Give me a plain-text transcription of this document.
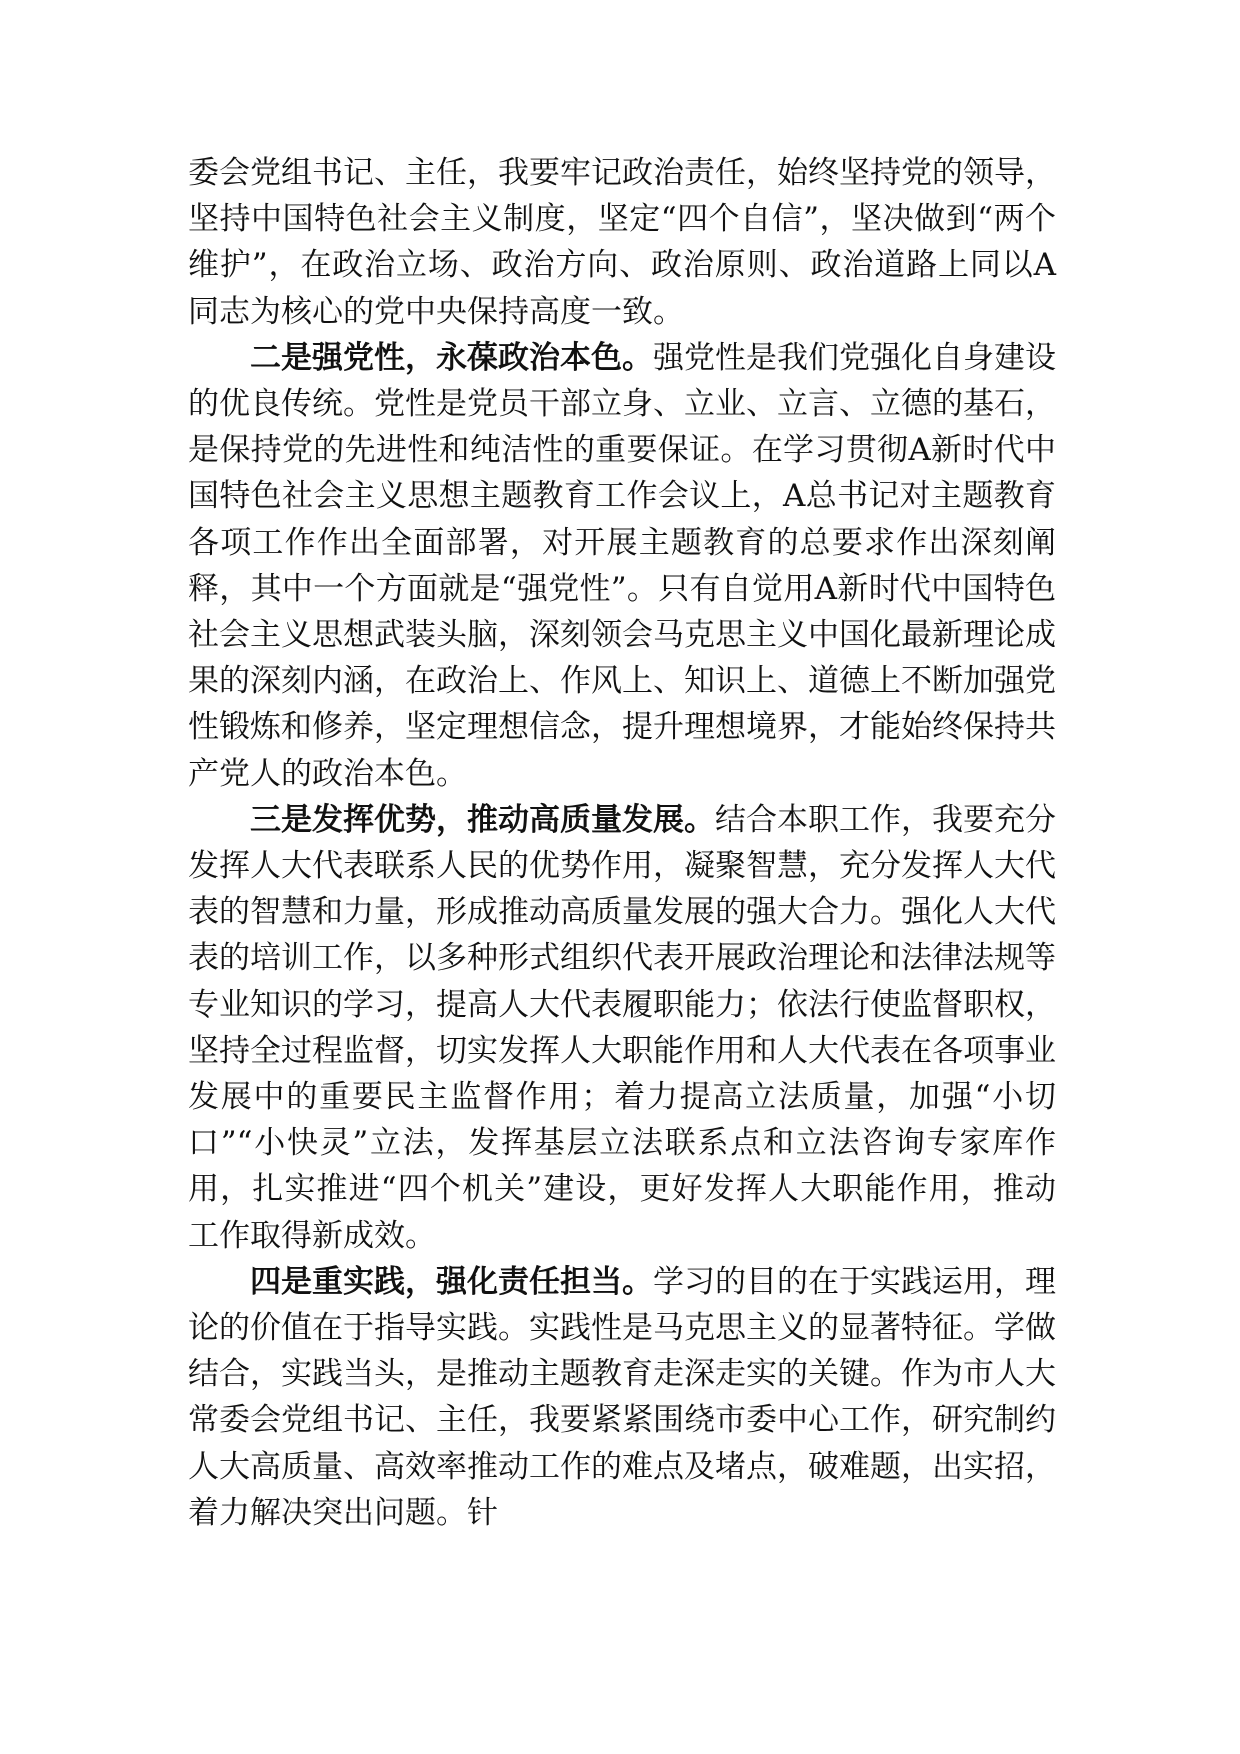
委会党组书记、主任，我要牢记政治责任，始终坚持党的领导，坚持中国特色社会主义制度，坚定“四个自信”，坚决做到“两个维护”，在政治立场、政治方向、政治原则、政治道路上同以A同志为核心的党中央保持高度一致。

二是强党性，永葆政治本色。强党性是我们党强化自身建设的优良传统。党性是党员干部立身、立业、立言、立德的基石，是保持党的先进性和纯洁性的重要保证。在学习贯彻A新时代中国特色社会主义思想主题教育工作会议上，A总书记对主题教育各项工作作出全面部署，对开展主题教育的总要求作出深刻阐释，其中一个方面就是“强党性”。只有自觉用A新时代中国特色社会主义思想武装头脑，深刻领会马克思主义中国化最新理论成果的深刻内涵，在政治上、作风上、知识上、道德上不断加强党性锻炼和修养，坚定理想信念，提升理想境界，才能始终保持共产党人的政治本色。

三是发挥优势，推动高质量发展。结合本职工作，我要充分发挥人大代表联系人民的优势作用，凝聚智慧，充分发挥人大代表的智慧和力量，形成推动高质量发展的强大合力。强化人大代表的培训工作，以多种形式组织代表开展政治理论和法律法规等专业知识的学习，提高人大代表履职能力；依法行使监督职权，坚持全过程监督，切实发挥人大职能作用和人大代表在各项事业发展中的重要民主监督作用；着力提高立法质量，加强“小切口”“小快灵”立法，发挥基层立法联系点和立法咨询专家库作用，扎实推进“四个机关”建设，更好发挥人大职能作用，推动工作取得新成效。

四是重实践，强化责任担当。学习的目的在于实践运用，理论的价值在于指导实践。实践性是马克思主义的显著特征。学做结合，实践当头，是推动主题教育走深走实的关键。作为市人大常委会党组书记、主任，我要紧紧围绕市委中心工作，研究制约人大高质量、高效率推动工作的难点及堵点，破难题，出实招，着力解决突出问题。针
